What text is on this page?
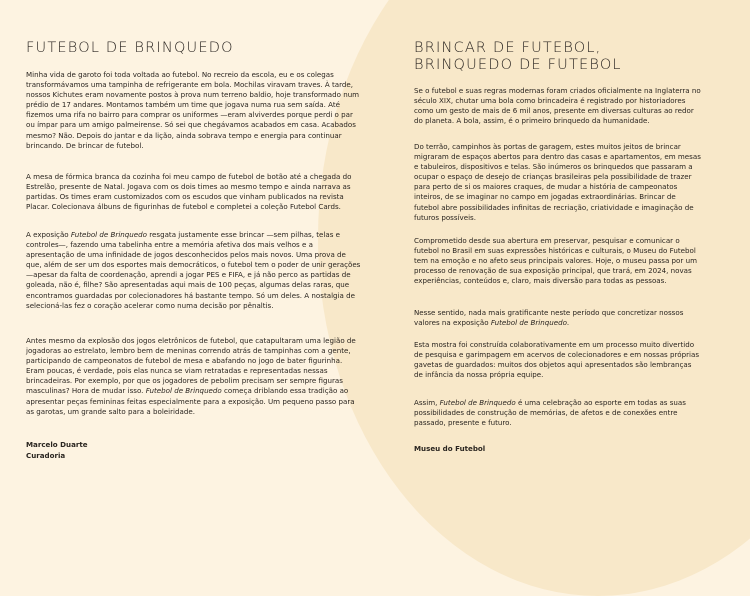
FUTEBOL DE BRINQUEDO

Minha vida de garoto foi toda voltada ao futebol. No recreio da escola, eu e os colegas transformávamos uma tampinha de refrigerante em bola. Mochilas viravam traves. À tarde, nossos Kichutes eram novamente postos à prova num terreno baldio, hoje transformado num prédio de 17 andares. Montamos também um time que jogava numa rua sem saída. Até fizemos uma rifa no bairro para comprar os uniformes —eram alviverdes porque perdi o par ou ímpar para um amigo palmeirense. Só sei que chegávamos acabados em casa. Acabados mesmo? Não. Depois do jantar e da lição, ainda sobrava tempo e energia para continuar brincando. De brincar de futebol.

A mesa de fórmica branca da cozinha foi meu campo de futebol de botão até a chegada do Estrelão, presente de Natal. Jogava com os dois times ao mesmo tempo e ainda narrava as partidas. Os times eram customizados com os escudos que vinham publicados na revista Placar. Colecionava álbuns de figurinhas de futebol e completei a coleção Futebol Cards.

A exposição Futebol de Brinquedo resgata justamente esse brincar —sem pilhas, telas e controles—, fazendo uma tabelinha entre a memória afetiva dos mais velhos e a apresentação de uma infinidade de jogos desconhecidos pelos mais novos. Uma prova de que, além de ser um dos esportes mais democráticos, o futebol tem o poder de unir gerações —apesar da falta de coordenação, aprendi a jogar PES e FIFA, e já não perco as partidas de goleada, não é, filhe? São apresentadas aqui mais de 100 peças, algumas delas raras, que encontramos guardadas por colecionadores há bastante tempo. Só um deles. A nostalgia de selecioná-las fez o coração acelerar como numa decisão por pênaltis.

Antes mesmo da explosão dos jogos eletrônicos de futebol, que catapultaram uma legião de jogadoras ao estrelato, lembro bem de meninas correndo atrás de tampinhas com a gente, participando de campeonatos de futebol de mesa e abafando no jogo de bater figurinha. Eram poucas, é verdade, pois elas nunca se viam retratadas e representadas nessas brincadeiras. Por exemplo, por que os jogadores de pebolim precisam ser sempre figuras masculinas? Hora de mudar isso. Futebol de Brinquedo começa driblando essa tradição ao apresentar peças femininas feitas especialmente para a exposição. Um pequeno passo para as garotas, um grande salto para a boleiridade.

Marcelo Duarte

Curadoria

BRINCAR DE FUTEBOL,
BRINQUEDO DE FUTEBOL

Se o futebol e suas regras modernas foram criados oficialmente na Inglaterra no século XIX, chutar uma bola como brincadeira é registrado por historiadores como um gesto de mais de 6 mil anos, presente em diversas culturas ao redor do planeta. A bola, assim, é o primeiro brinquedo da humanidade.

Do terrão, campinhos às portas de garagem, estes muitos jeitos de brincar migraram de espaços abertos para dentro das casas e apartamentos, em mesas e tabuleiros, dispositivos e telas. São inúmeros os brinquedos que passaram a ocupar o espaço de desejo de crianças brasileiras pela possibilidade de trazer para perto de si os maiores craques, de mudar a história de campeonatos inteiros, de se imaginar no campo em jogadas extraordinárias. Brincar de futebol abre possibilidades infinitas de recriação, criatividade e imaginação de futuros possíveis.

Comprometido desde sua abertura em preservar, pesquisar e comunicar o futebol no Brasil em suas expressões históricas e culturais, o Museu do Futebol tem na emoção e no afeto seus principais valores. Hoje, o museu passa por um processo de renovação de sua exposição principal, que trará, em 2024, novas experiências, conteúdos e, claro, mais diversão para todas as pessoas.

Nesse sentido, nada mais gratificante neste período que concretizar nossos valores na exposição Futebol de Brinquedo.

Esta mostra foi construída colaborativamente em um processo muito divertido de pesquisa e garimpagem em acervos de colecionadores e em nossas próprias gavetas de guardados: muitos dos objetos aqui apresentados são lembranças de infância da nossa própria equipe.

Assim, Futebol de Brinquedo é uma celebração ao esporte em todas as suas possibilidades de construção de memórias, de afetos e de conexões entre passado, presente e futuro.

Museu do Futebol
